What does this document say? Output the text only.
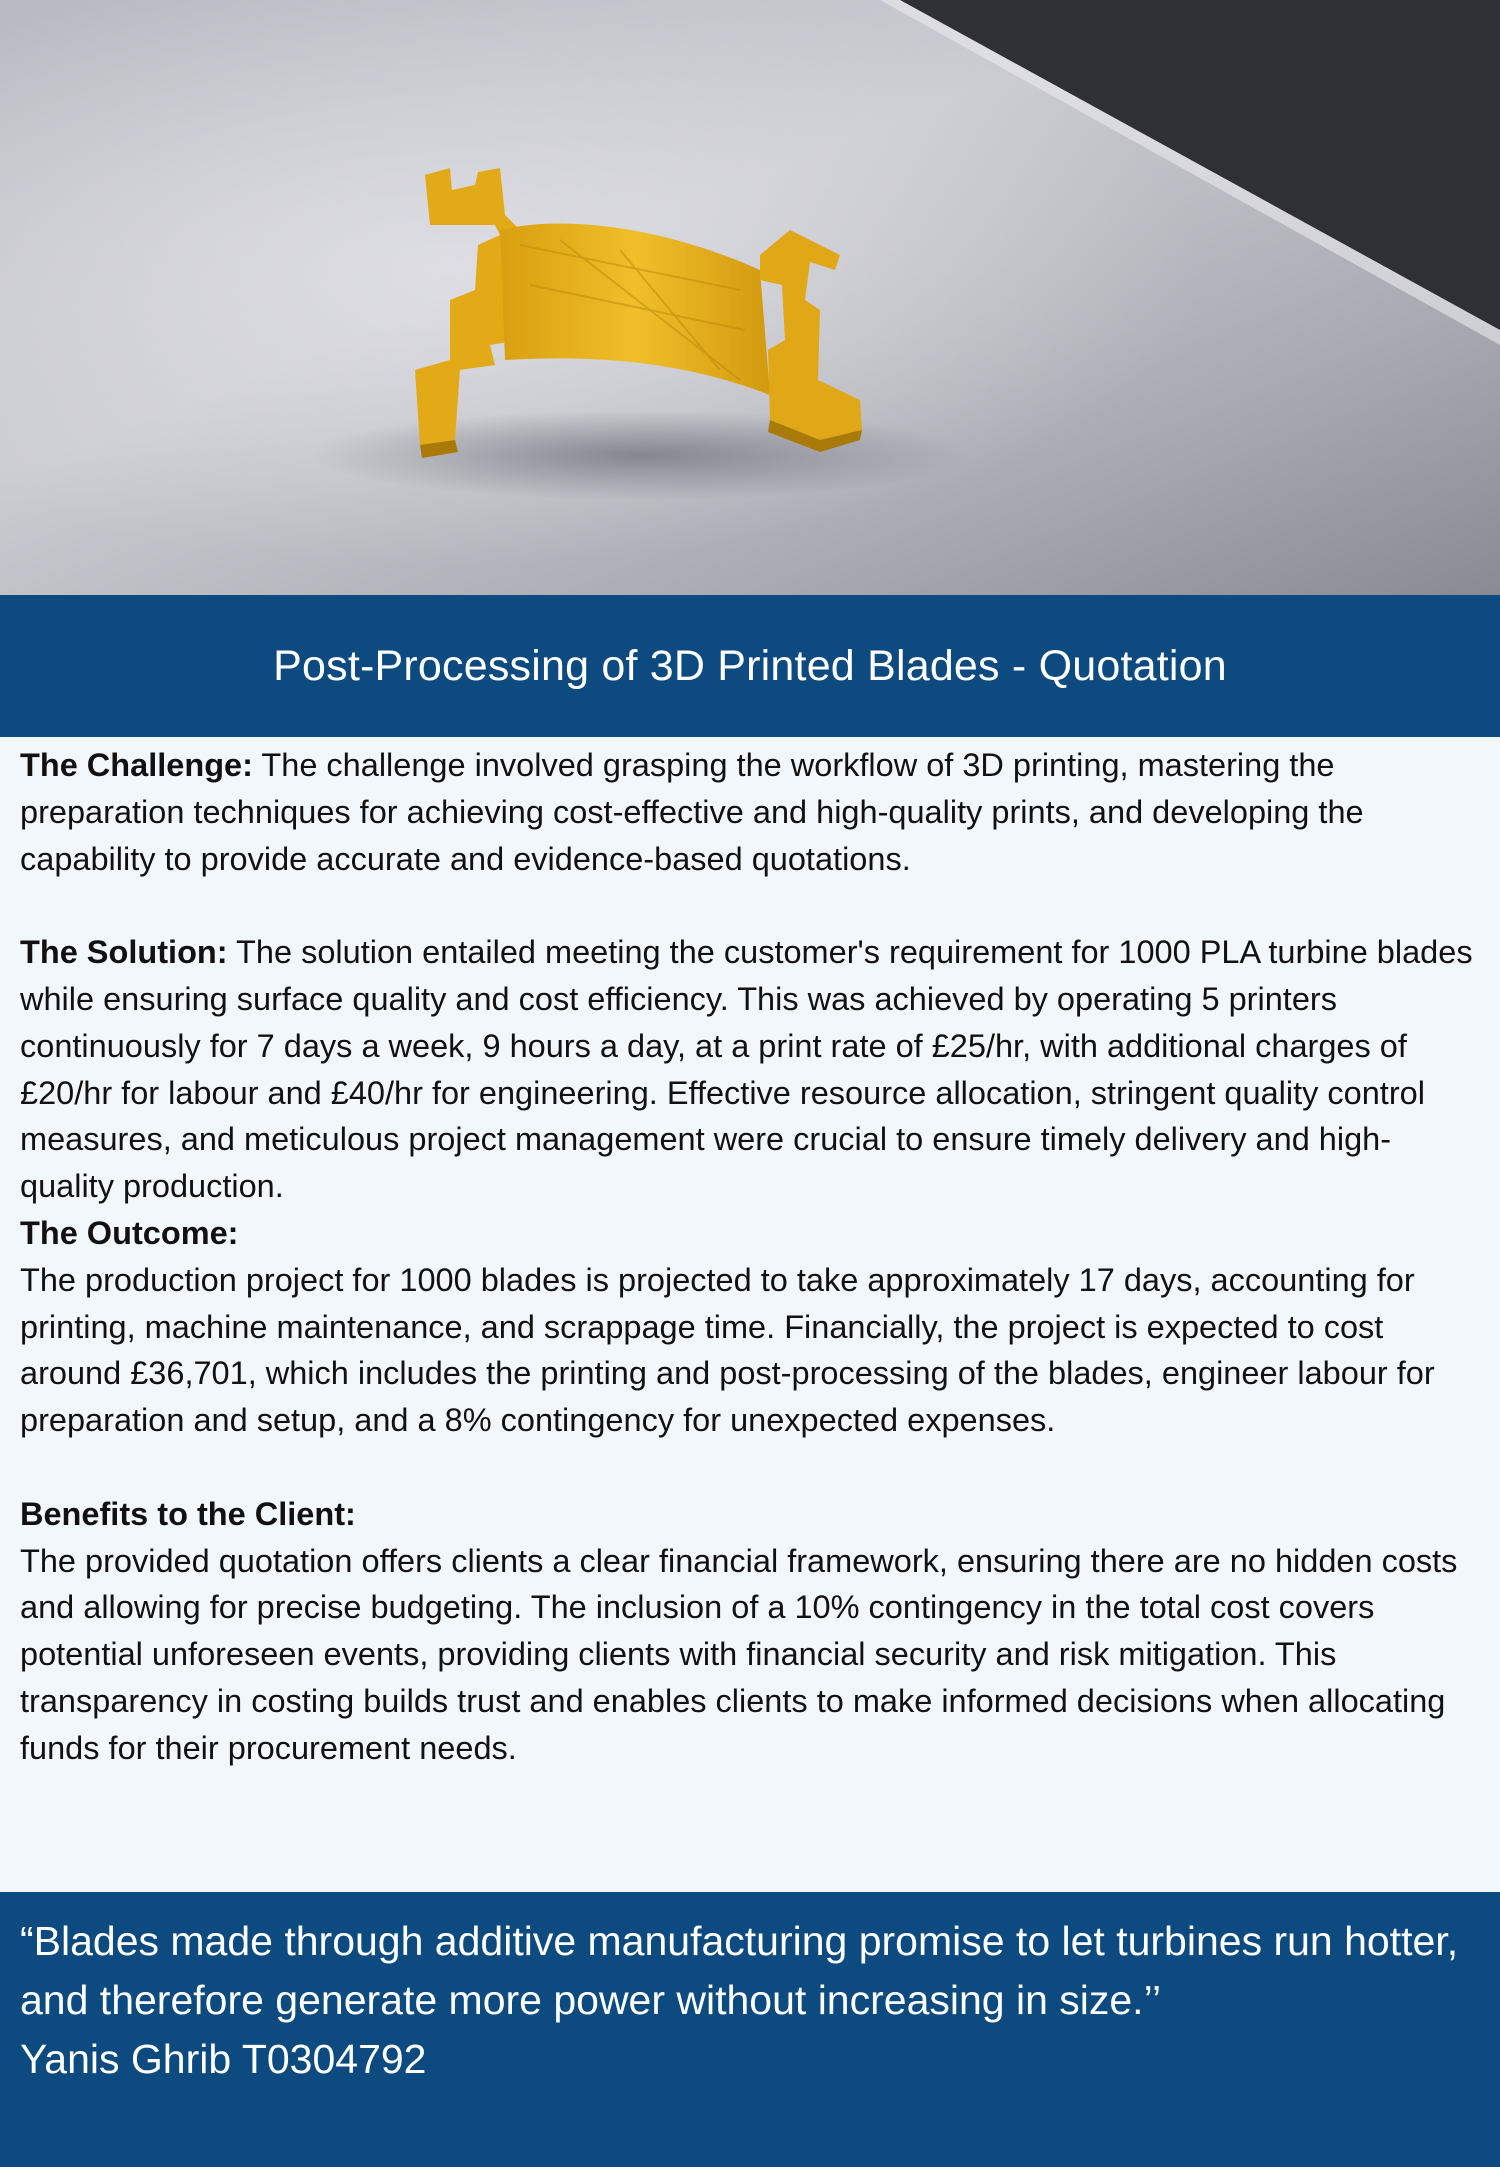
Post-Processing of 3D Printed Blades - Quotation

The Challenge: The challenge involved grasping the workflow of 3D printing, mastering the preparation techniques for achieving cost-effective and high-quality prints, and developing the capability to provide accurate and evidence-based quotations.

The Solution: The solution entailed meeting the customer's requirement for 1000 PLA turbine blades while ensuring surface quality and cost efficiency. This was achieved by operating 5 printers continuously for 7 days a week, 9 hours a day, at a print rate of £25/hr, with additional charges of £20/hr for labour and £40/hr for engineering. Effective resource allocation, stringent quality control measures, and meticulous project management were crucial to ensure timely delivery and high-quality production.

The Outcome:

The production project for 1000 blades is projected to take approximately 17 days, accounting for printing, machine maintenance, and scrappage time. Financially, the project is expected to cost around £36,701, which includes the printing and post-processing of the blades, engineer labour for preparation and setup, and a 8% contingency for unexpected expenses.

Benefits to the Client:

The provided quotation offers clients a clear financial framework, ensuring there are no hidden costs and allowing for precise budgeting. The inclusion of a 10% contingency in the total cost covers potential unforeseen events, providing clients with financial security and risk mitigation. This transparency in costing builds trust and enables clients to make informed decisions when allocating funds for their procurement needs.

“Blades made through additive manufacturing promise to let turbines run hotter, and therefore generate more power without increasing in size.’’

Yanis Ghrib T0304792
